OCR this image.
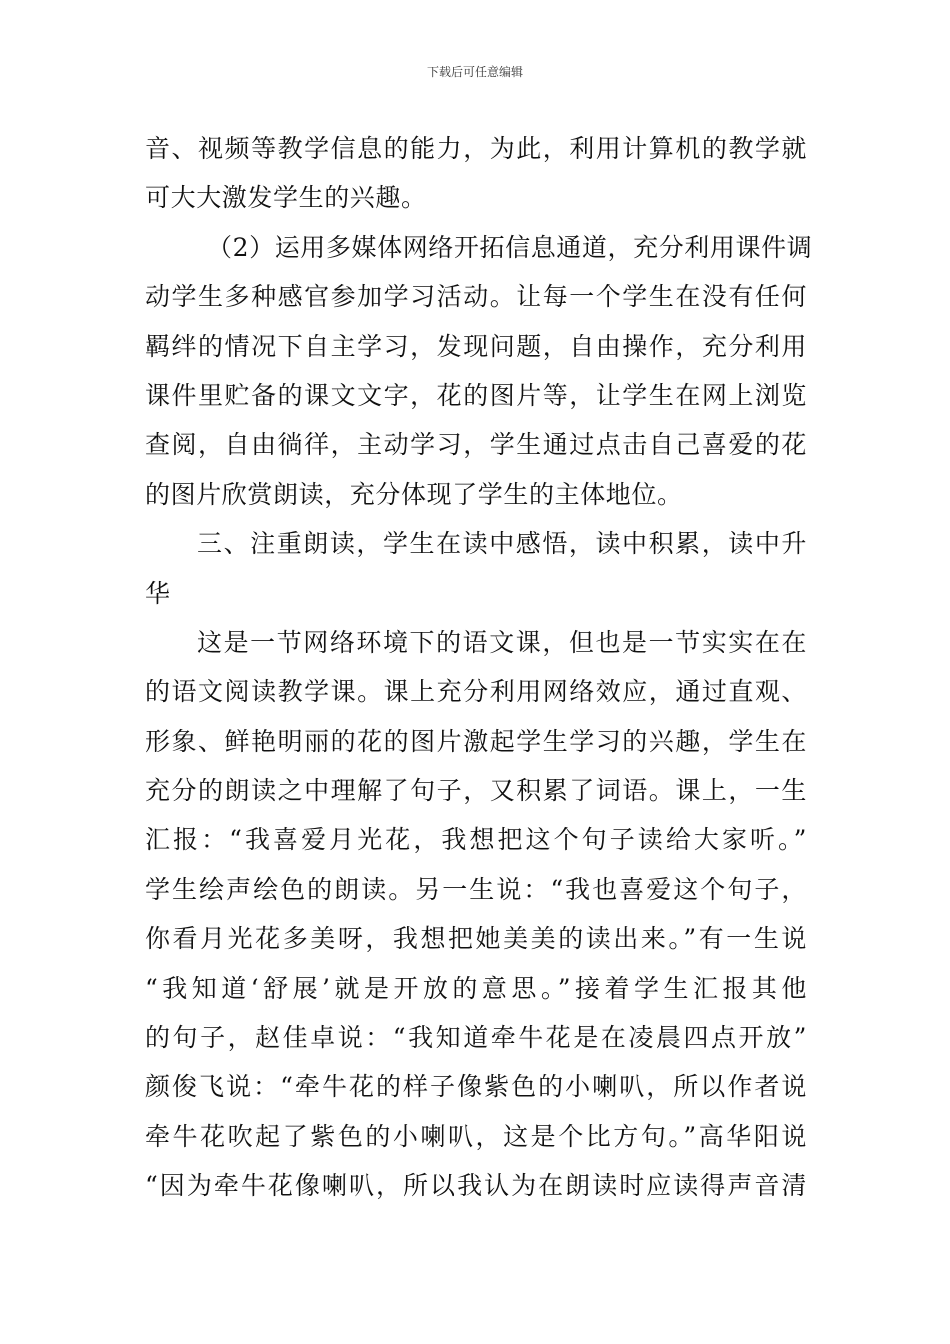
下载后可任意编辑
音、视频等教学信息的能力，为此，利用计算机的教学就
可大大激发学生的兴趣。
（2）运用多媒体网络开拓信息通道，充分利用课件调
动学生多种感官参加学习活动。让每一个学生在没有任何
羁绊的情况下自主学习，发现问题，自由操作，充分利用
课件里贮备的课文文字，花的图片等，让学生在网上浏览
查阅，自由徜徉，主动学习，学生通过点击自己喜爱的花
的图片欣赏朗读，充分体现了学生的主体地位。
三、注重朗读，学生在读中感悟，读中积累，读中升
华
这是一节网络环境下的语文课，但也是一节实实在在
的语文阅读教学课。课上充分利用网络效应，通过直观、
形象、鲜艳明丽的花的图片激起学生学习的兴趣，学生在
充分的朗读之中理解了句子，又积累了词语。课上，一生
汇报：“我喜爱月光花，我想把这个句子读给大家听。”
学生绘声绘色的朗读。另一生说：“我也喜爱这个句子，
你看月光花多美呀，我想把她美美的读出来。”有一生说
“我知道‘舒展’就是开放的意思。”接着学生汇报其他
的句子，赵佳卓说：“我知道牵牛花是在凌晨四点开放”
颜俊飞说：“牵牛花的样子像紫色的小喇叭，所以作者说
牵牛花吹起了紫色的小喇叭，这是个比方句。”高华阳说
“因为牵牛花像喇叭，所以我认为在朗读时应读得声音清
